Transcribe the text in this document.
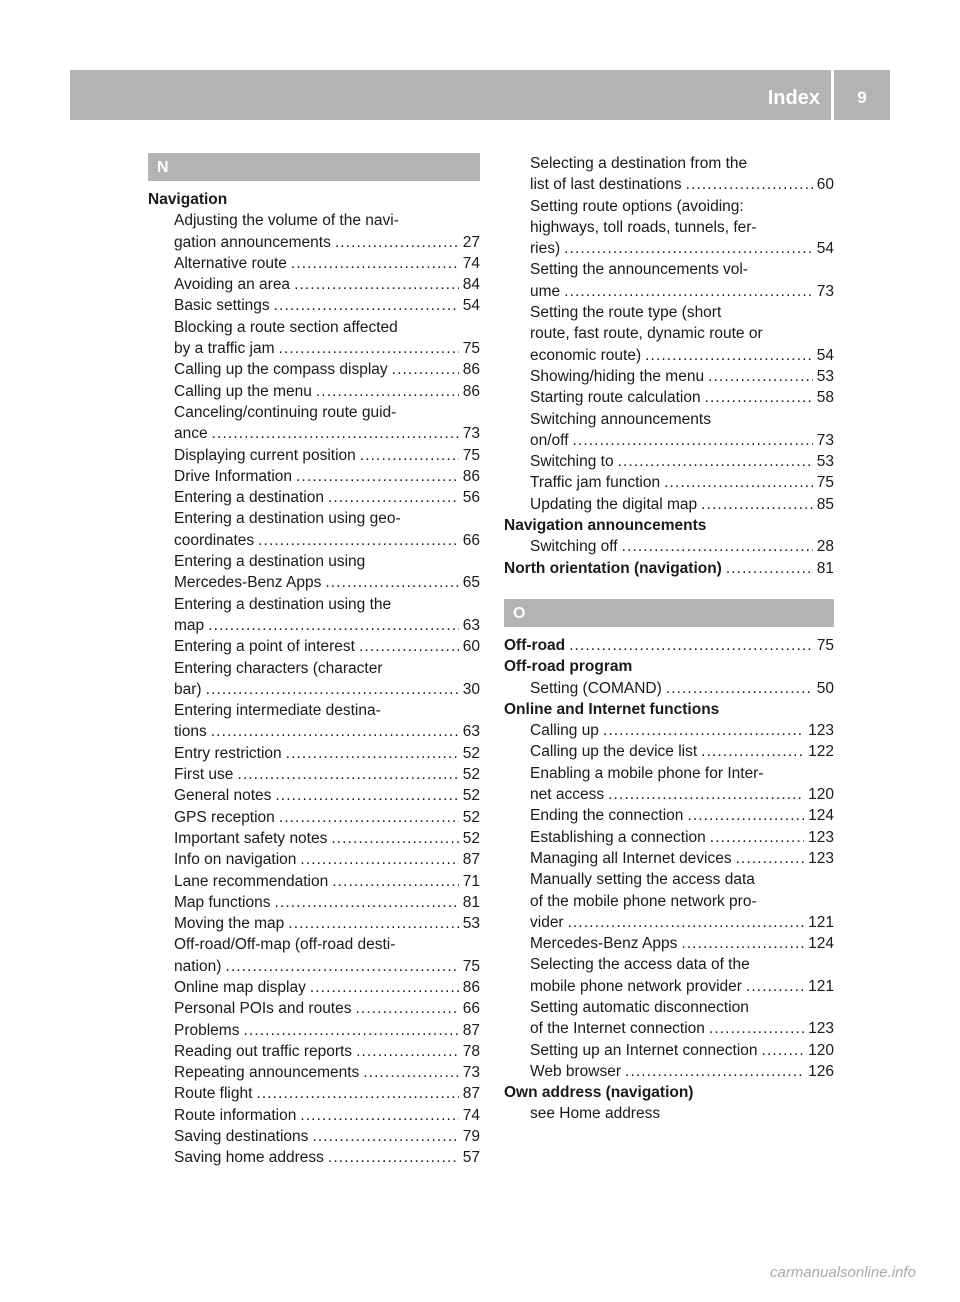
Index	9
N
Navigation
Adjusting the volume of the navi-
gation announcements . . .	27
Alternative route . . .	74
Avoiding an area . . .	84
Basic settings . . .	54
Blocking a route section affected
by a traffic jam . . .	75
Calling up the compass display . . .	86
Calling up the menu . . .	86
Canceling/continuing route guid-
ance . . .	73
Displaying current position . . .	75
Drive Information . . .	86
Entering a destination . . .	56
Entering a destination using geo-
coordinates . . .	66
Entering a destination using
Mercedes-Benz Apps . . .	65
Entering a destination using the
map . . .	63
Entering a point of interest . . .	60
Entering characters (character
bar) . . .	30
Entering intermediate destina-
tions . . .	63
Entry restriction . . .	52
First use . . .	52
General notes . . .	52
GPS reception . . .	52
Important safety notes . . .	52
Info on navigation . . .	87
Lane recommendation . . .	71
Map functions . . .	81
Moving the map . . .	53
Off-road/Off-map (off-road desti-
nation) . . .	75
Online map display . . .	86
Personal POIs and routes . . .	66
Problems . . .	87
Reading out traffic reports . . .	78
Repeating announcements . . .	73
Route flight . . .	87
Route information . . .	74
Saving destinations . . .	79
Saving home address . . .	57
Selecting a destination from the
list of last destinations . . .	60
Setting route options (avoiding:
highways, toll roads, tunnels, fer-
ries) . . .	54
Setting the announcements vol-
ume . . .	73
Setting the route type (short
route, fast route, dynamic route or
economic route) . . .	54
Showing/hiding the menu . . .	53
Starting route calculation . . .	58
Switching announcements
on/off . . .	73
Switching to . . .	53
Traffic jam function . . .	75
Updating the digital map . . .	85
Navigation announcements
Switching off . . .	28
North orientation (navigation) . . .	81
O
Off-road . . .	75
Off-road program
Setting (COMAND) . . .	50
Online and Internet functions
Calling up . . .	123
Calling up the device list . . .	122
Enabling a mobile phone for Inter-
net access . . .	120
Ending the connection . . .	124
Establishing a connection . . .	123
Managing all Internet devices . . .	123
Manually setting the access data
of the mobile phone network pro-
vider . . .	121
Mercedes-Benz Apps . . .	124
Selecting the access data of the
mobile phone network provider . . .	121
Setting automatic disconnection
of the Internet connection . . .	123
Setting up an Internet connection . . .	120
Web browser . . .	126
Own address (navigation)
see Home address
carmanualsonline.info
